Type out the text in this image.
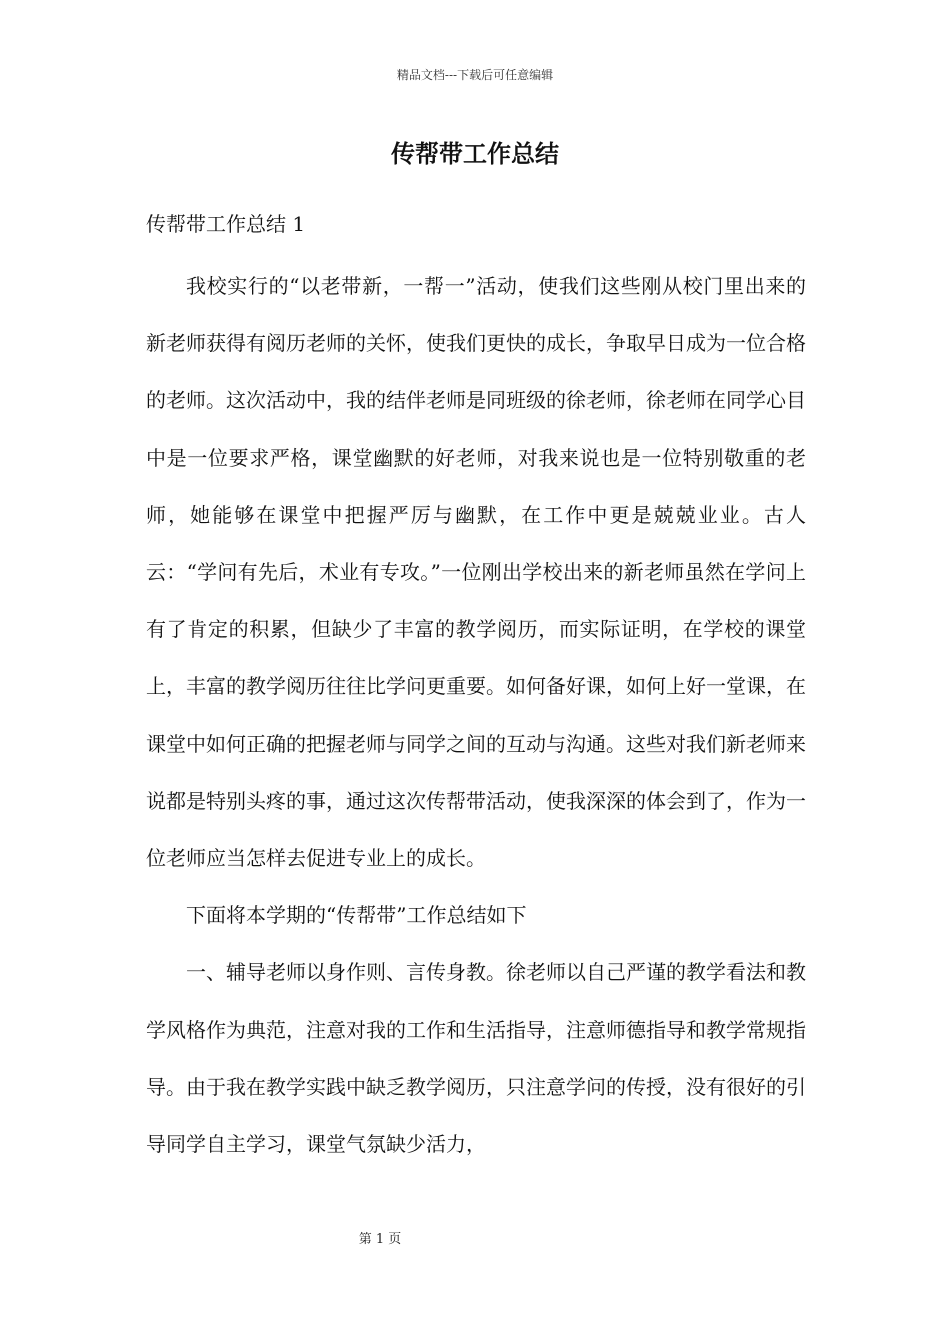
精品文档---下载后可任意编辑
传帮带工作总结
传帮带工作总结 1

我校实行的“以老带新，一帮一”活动，使我们这些刚从校门里出来的新老师获得有阅历老师的关怀，使我们更快的成长，争取早日成为一位合格的老师。这次活动中，我的结伴老师是同班级的徐老师，徐老师在同学心目中是一位要求严格，课堂幽默的好老师，对我来说也是一位特别敬重的老师，她能够在课堂中把握严厉与幽默，在工作中更是兢兢业业。古人云：“学问有先后，术业有专攻。”一位刚出学校出来的新老师虽然在学问上有了肯定的积累，但缺少了丰富的教学阅历，而实际证明，在学校的课堂上，丰富的教学阅历往往比学问更重要。如何备好课，如何上好一堂课，在课堂中如何正确的把握老师与同学之间的互动与沟通。这些对我们新老师来说都是特别头疼的事，通过这次传帮带活动，使我深深的体会到了，作为一位老师应当怎样去促进专业上的成长。

下面将本学期的“传帮带”工作总结如下

一、辅导老师以身作则、言传身教。徐老师以自己严谨的教学看法和教学风格作为典范，注意对我的工作和生活指导，注意师德指导和教学常规指导。由于我在教学实践中缺乏教学阅历，只注意学问的传授，没有很好的引导同学自主学习，课堂气氛缺少活力，

第 1 页
